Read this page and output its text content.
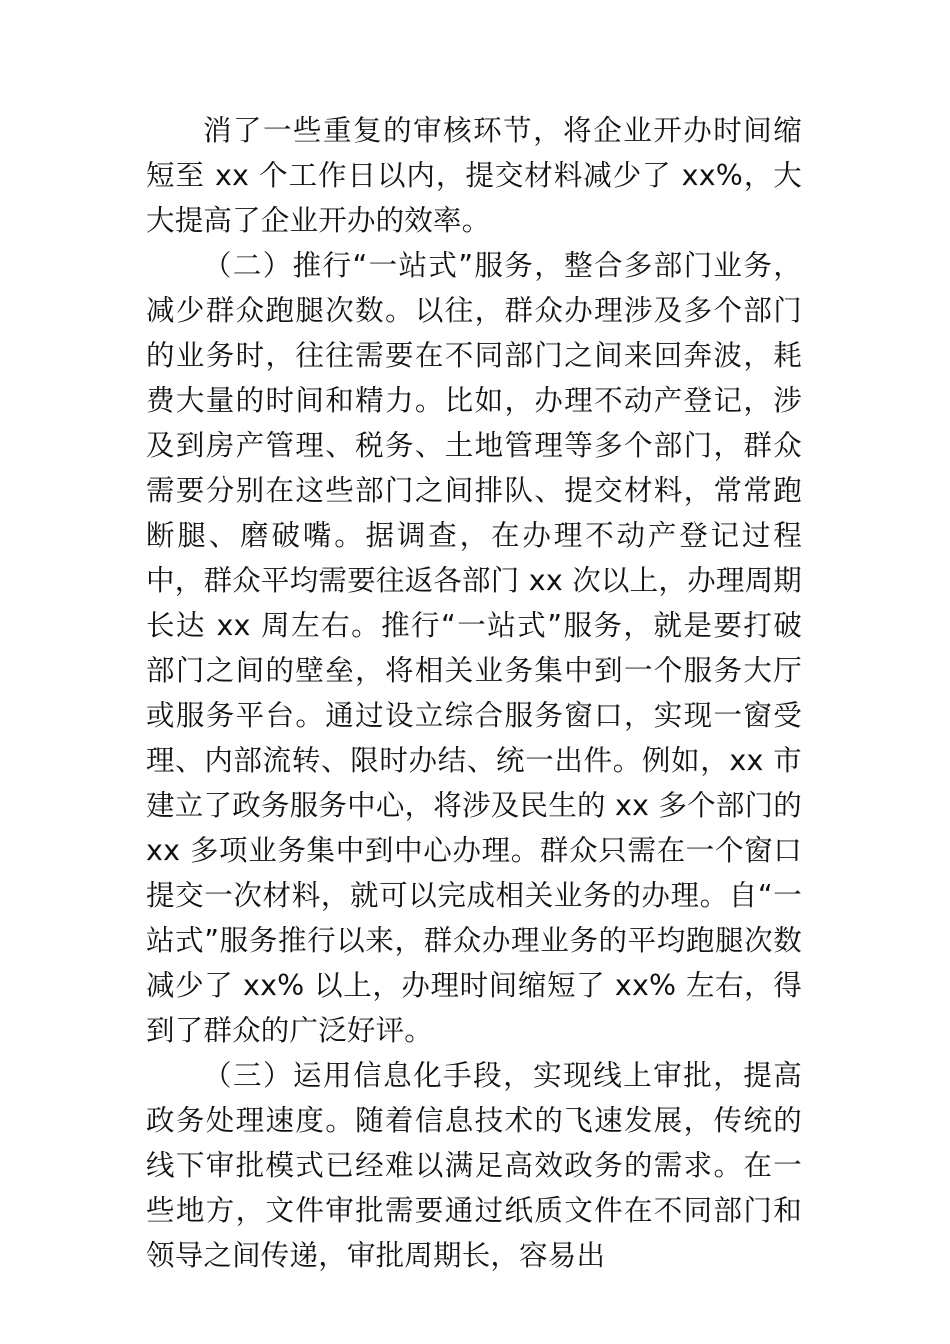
消了一些重复的审核环节，将企业开办时间缩短至 xx 个工作日以内，提交材料减少了 xx%，大大提高了企业开办的效率。

（二）推行“一站式”服务，整合多部门业务，减少群众跑腿次数。以往，群众办理涉及多个部门的业务时，往往需要在不同部门之间来回奔波，耗费大量的时间和精力。比如，办理不动产登记，涉及到房产管理、税务、土地管理等多个部门，群众需要分别在这些部门之间排队、提交材料，常常跑断腿、磨破嘴。据调查，在办理不动产登记过程中，群众平均需要往返各部门 xx 次以上，办理周期长达 xx 周左右。推行“一站式”服务，就是要打破部门之间的壁垒，将相关业务集中到一个服务大厅或服务平台。通过设立综合服务窗口，实现一窗受理、内部流转、限时办结、统一出件。例如，xx 市建立了政务服务中心，将涉及民生的 xx 多个部门的 xx 多项业务集中到中心办理。群众只需在一个窗口提交一次材料，就可以完成相关业务的办理。自“一站式”服务推行以来，群众办理业务的平均跑腿次数减少了 xx% 以上，办理时间缩短了 xx% 左右，得到了群众的广泛好评。

（三）运用信息化手段，实现线上审批，提高政务处理速度。随着信息技术的飞速发展，传统的线下审批模式已经难以满足高效政务的需求。在一些地方，文件审批需要通过纸质文件在不同部门和领导之间传递，审批周期长，容易出
